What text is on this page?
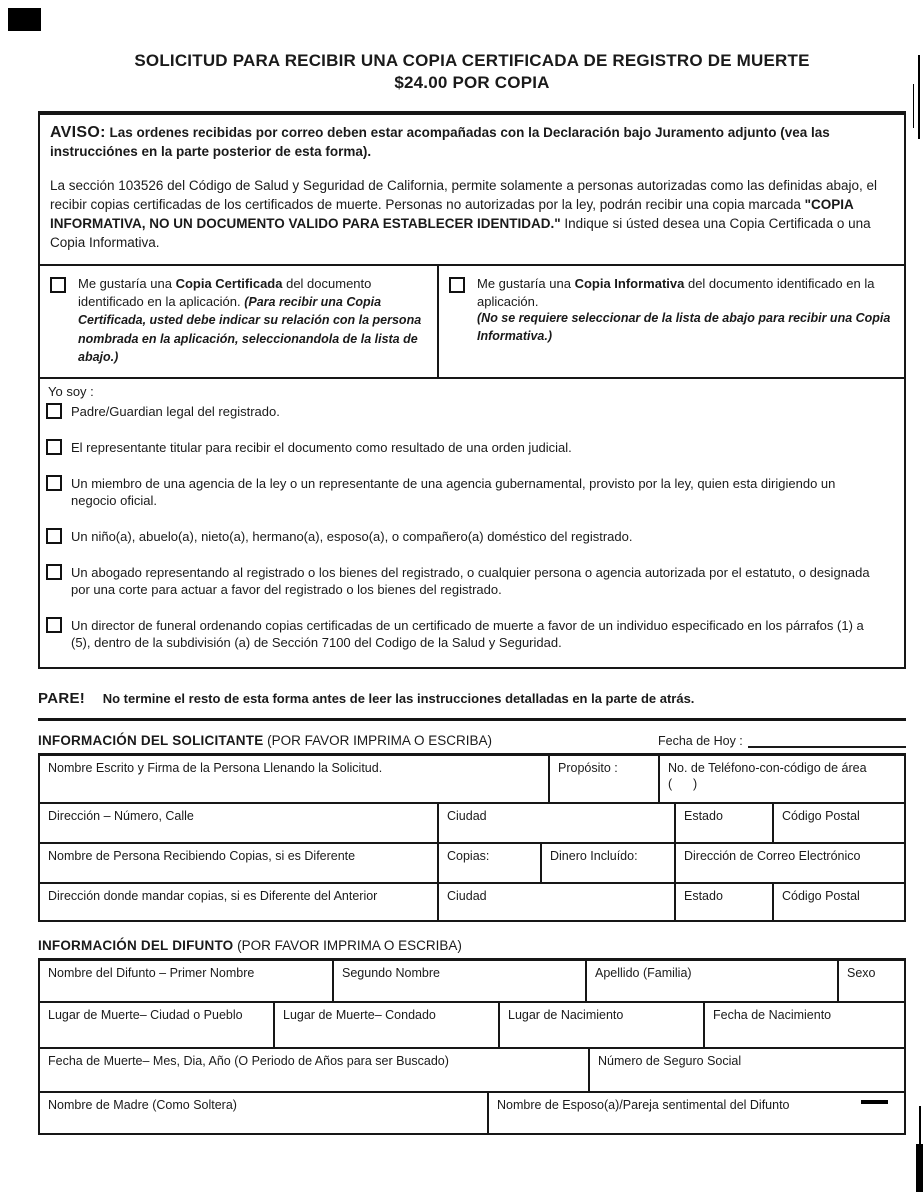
SOLICITUD PARA RECIBIR UNA COPIA CERTIFICADA DE REGISTRO DE MUERTE
$24.00 POR COPIA

AVISO: Las ordenes recibidas por correo deben estar acompañadas con la Declaración bajo Juramento adjunto (vea las instrucciónes en la parte posterior de esta forma).

La sección 103526 del Código de Salud y Seguridad de California, permite solamente a personas autorizadas como las definidas abajo, el recibir copias certificadas de los certificados de muerte. Personas no autorizadas por la ley, podrán recibir una copia marcada "COPIA INFORMATIVA, NO UN DOCUMENTO VALIDO PARA ESTABLECER IDENTIDAD." Indique si ústed desea una Copia Certificada o una Copia Informativa.

Me gustaría una Copia Certificada del documento identificado en la aplicación. (Para recibir una Copia Certificada, usted debe indicar su relación con la persona nombrada en la aplicación, seleccionandola de la lista de abajo.)
Me gustaría una Copia Informativa del documento identificado en la aplicación.
(No se requiere seleccionar de la lista de abajo para recibir una Copia Informativa.)
Yo soy :
Padre/Guardian legal del registrado.
El representante titular para recibir el documento como resultado de una orden judicial.
Un miembro de una agencia de la ley o un representante de una agencia gubernamental, provisto por la ley, quien esta dirigiendo un negocio oficial.
Un niño(a), abuelo(a), nieto(a), hermano(a), esposo(a), o compañero(a) doméstico del registrado.
Un abogado representando al registrado o los bienes del registrado, o cualquier persona o agencia autorizada por el estatuto, o designada por una corte para actuar a favor del registrado o los bienes del registrado.
Un director de funeral ordenando copias certificadas de un certificado de muerte a favor de un individuo especificado en los párrafos (1) a (5), dentro de la subdivisión (a) de Sección 7100 del Codigo de la Salud y Seguridad.
PARE! No termine el resto de esta forma antes de leer las instrucciones detalladas en la parte de atrás.
INFORMACIÓN DEL SOLICITANTE (POR FAVOR IMPRIMA O ESCRIBA)	Fecha de Hoy :
Nombre Escrito y Firma de la Persona Llenando la Solicitud.	Propósito :	No. de Teléfono-con-código de área
(      )
Dirección – Número, Calle	Ciudad	Estado	Código Postal
Nombre de Persona Recibiendo Copias, si es Diferente	Copias:	Dinero Incluído:	Dirección de Correo Electrónico
Dirección donde mandar copias, si es Diferente del Anterior	Ciudad	Estado	Código Postal
INFORMACIÓN DEL DIFUNTO (POR FAVOR IMPRIMA O ESCRIBA)
Nombre del Difunto – Primer Nombre	Segundo Nombre	Apellido (Familia)	Sexo
Lugar de Muerte– Ciudad o Pueblo	Lugar de Muerte– Condado	Lugar de Nacimiento	Fecha de Nacimiento
Fecha de Muerte– Mes, Dia, Año (O Periodo de Años para ser Buscado)	Número de Seguro Social
Nombre de Madre (Como Soltera)	Nombre de Esposo(a)/Pareja sentimental del Difunto
